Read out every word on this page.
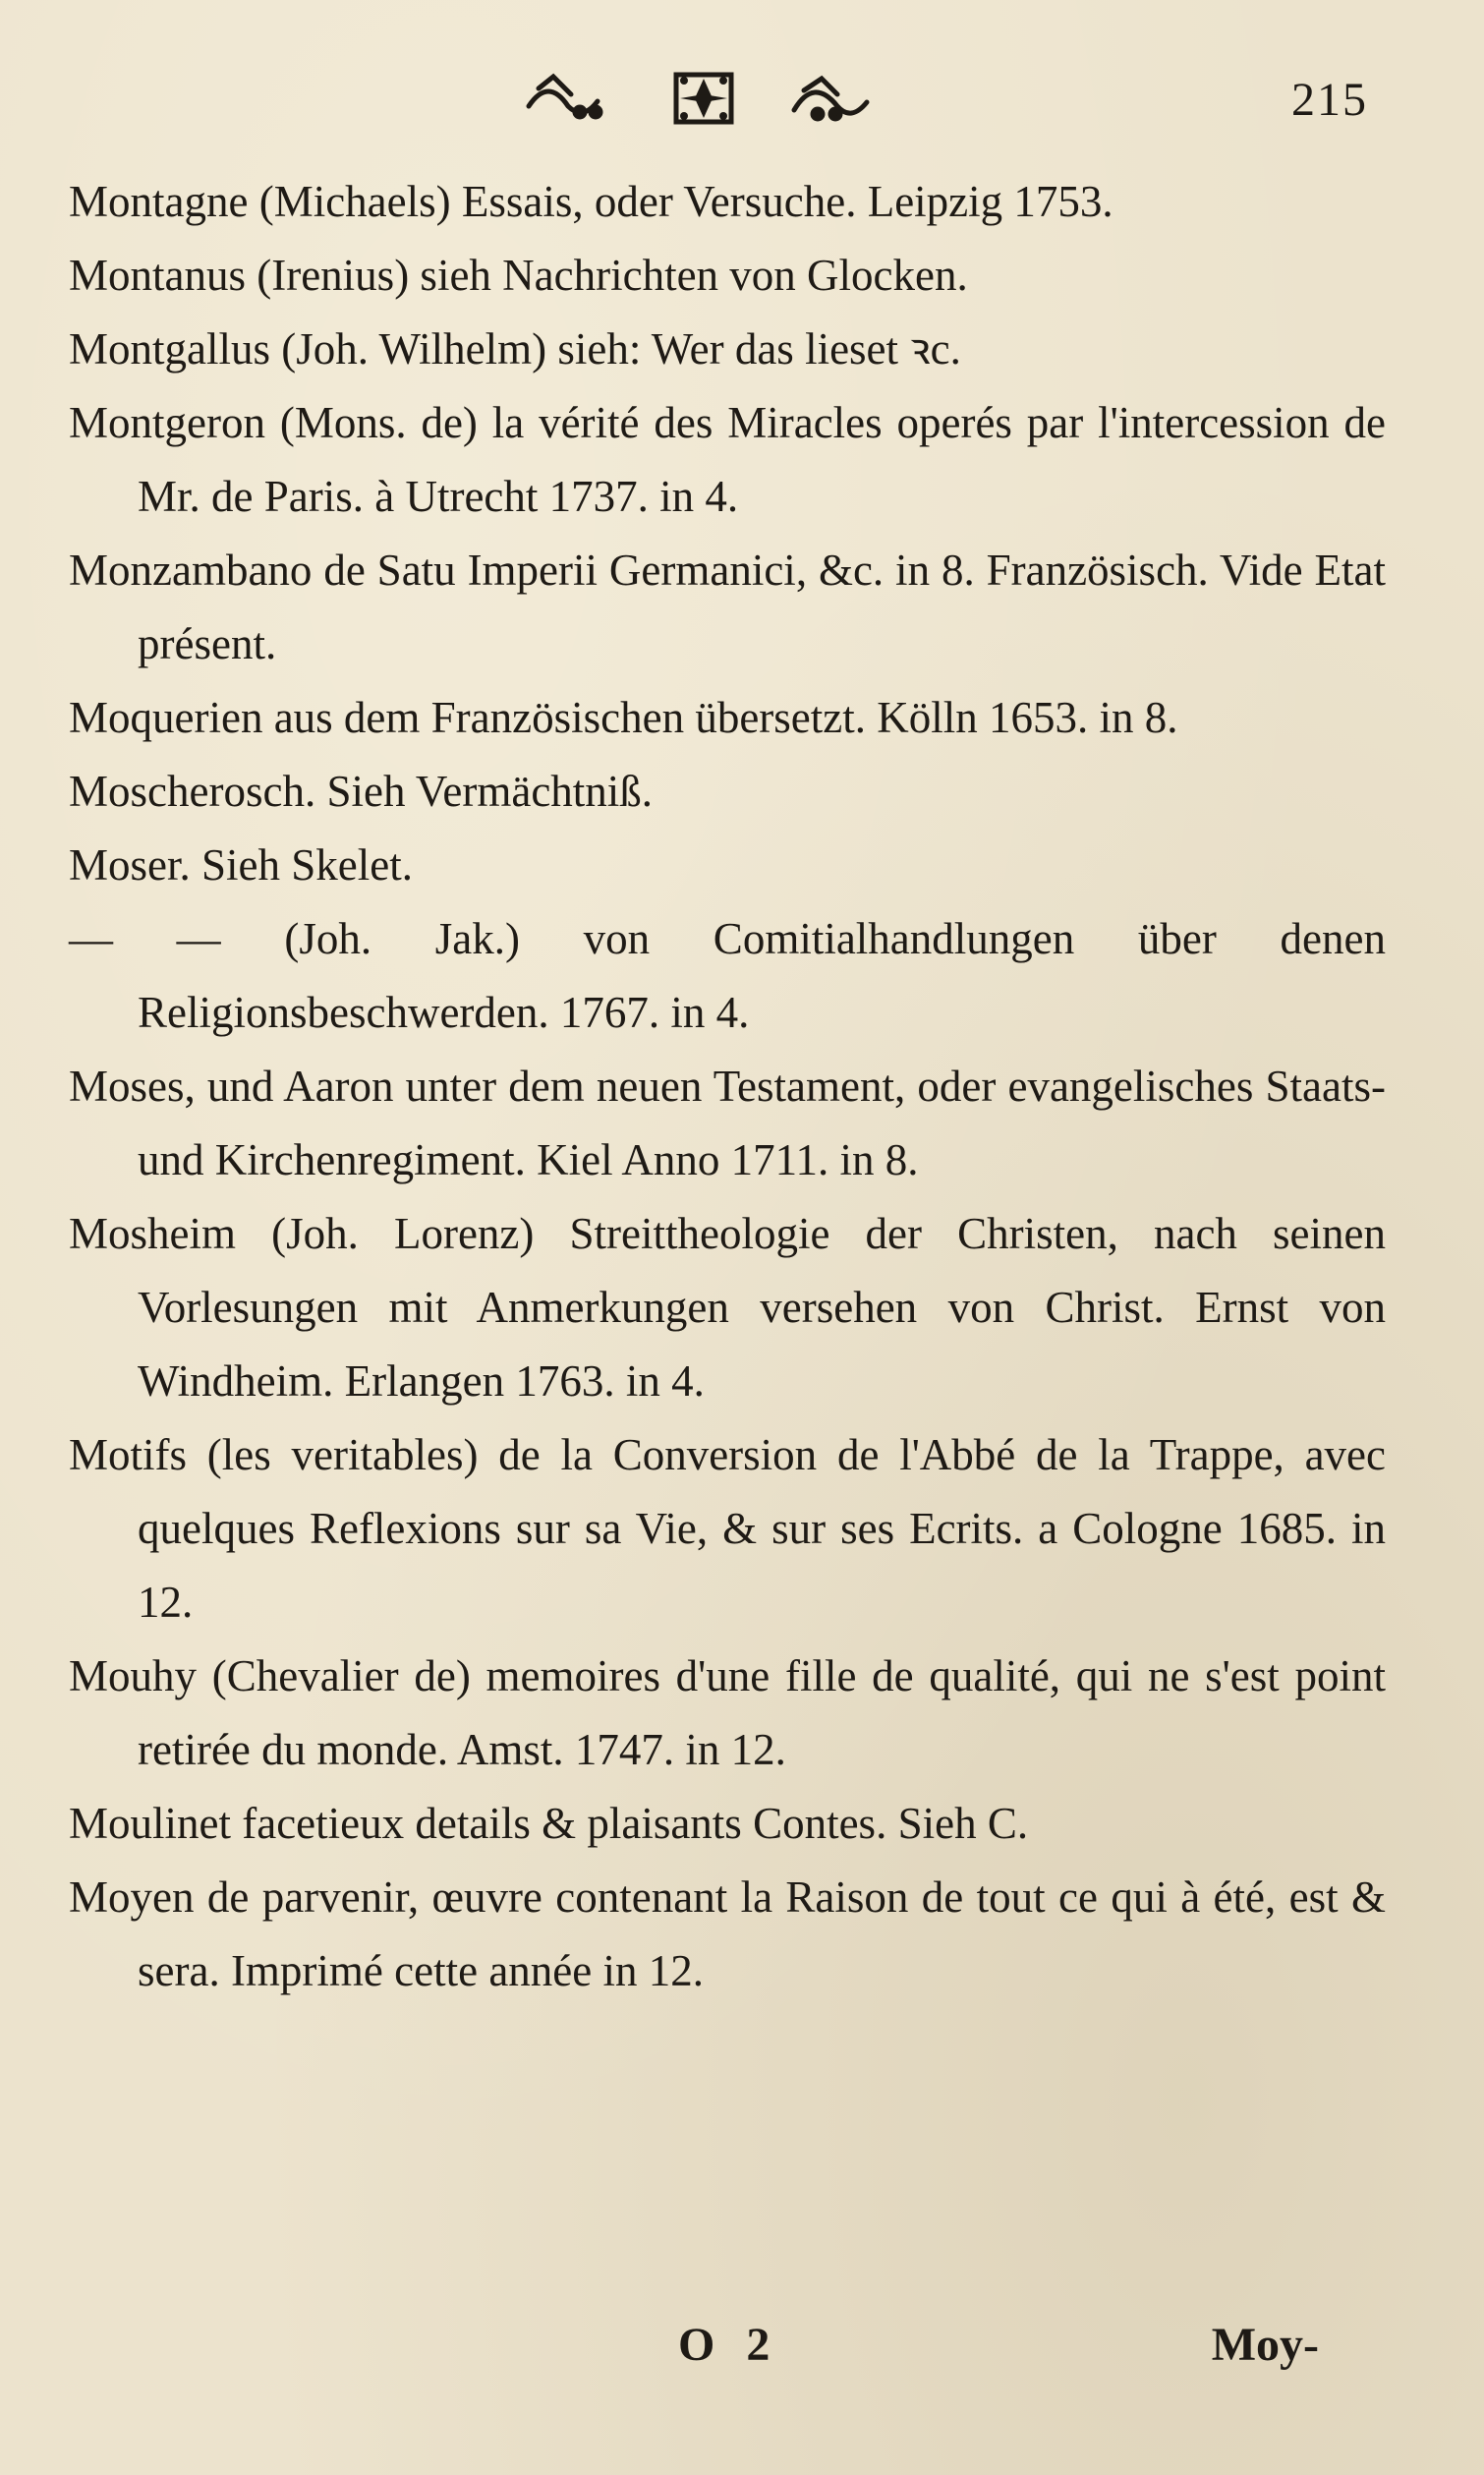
215
Montagne (Michaels) Essais, oder Versuche. Leipzig 1753.
Montanus (Irenius) sieh Nachrichten von Glocken.
Montgallus (Joh. Wilhelm) sieh: Wer das lieset ꝛc.
Montgeron (Mons. de) la vérité des Miracles operés par l'intercession de Mr. de Paris. à Utrecht 1737. in 4.
Monzambano de Satu Imperii Germanici, &c. in 8. Französisch. Vide Etat présent.
Moquerien aus dem Französischen übersetzt. Kölln 1653. in 8.
Moscherosch. Sieh Vermächtniß.
Moser. Sieh Skelet.
— — (Joh. Jak.) von Comitialhandlungen über denen Religionsbeschwerden. 1767. in 4.
Moses, und Aaron unter dem neuen Testament, oder evangelisches Staats- und Kirchenregiment. Kiel Anno 1711. in 8.
Mosheim (Joh. Lorenz) Streittheologie der Christen, nach seinen Vorlesungen mit Anmerkungen versehen von Christ. Ernst von Windheim. Erlangen 1763. in 4.
Motifs (les veritables) de la Conversion de l'Abbé de la Trappe, avec quelques Reflexions sur sa Vie, & sur ses Ecrits. a Cologne 1685. in 12.
Mouhy (Chevalier de) memoires d'une fille de qualité, qui ne s'est point retirée du monde. Amst. 1747. in 12.
Moulinet facetieux details & plaisants Contes. Sieh C.
Moyen de parvenir, œuvre contenant la Raison de tout ce qui à été, est & sera. Imprimé cette année in 12.
O 2	Moy-
